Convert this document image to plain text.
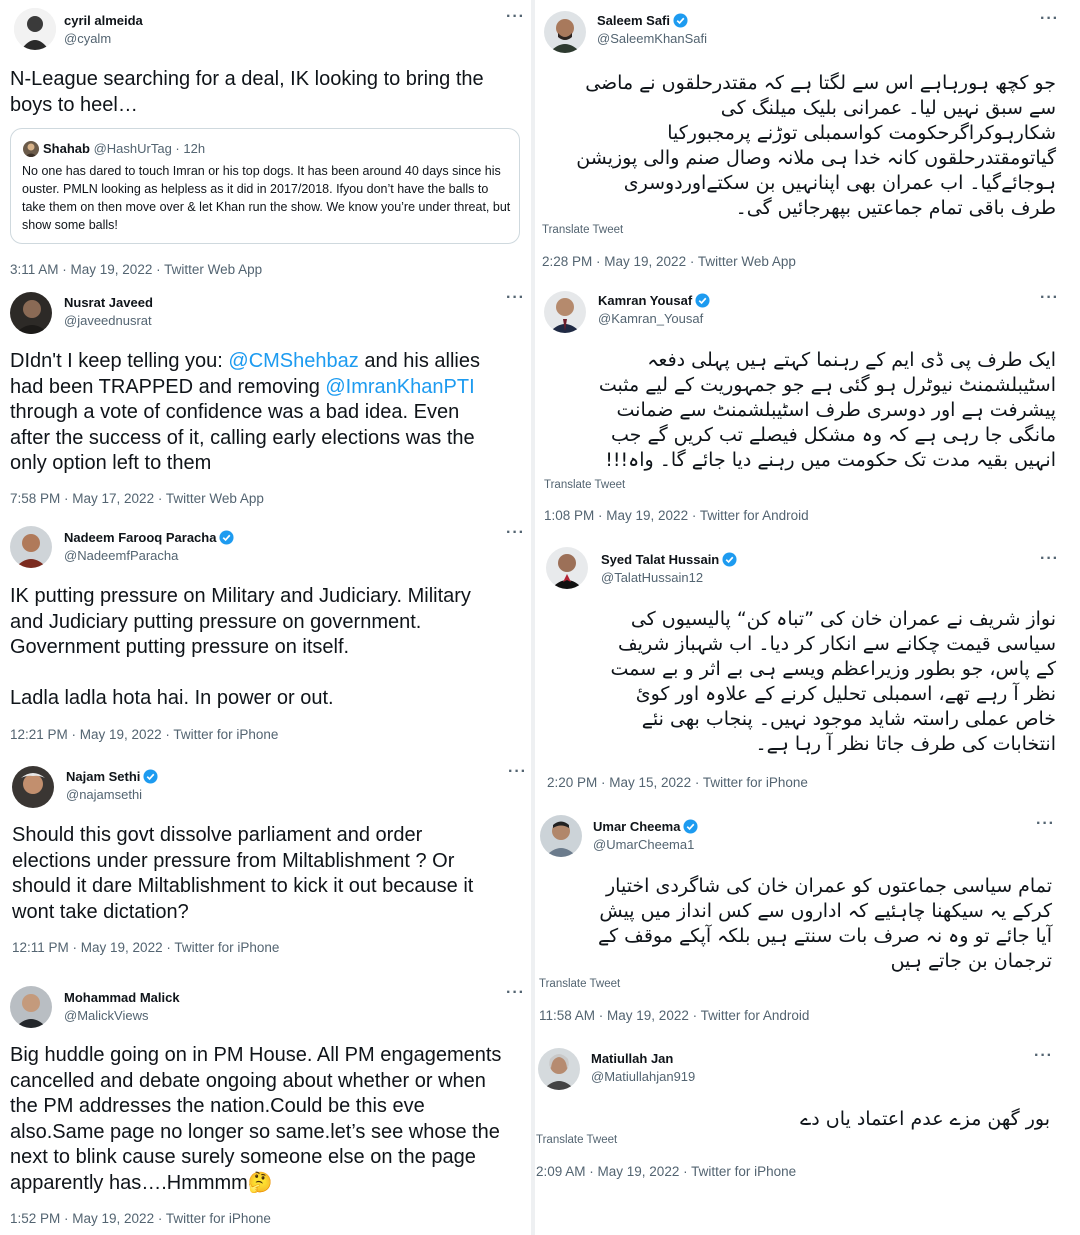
cyril almeida
@cyalm
···
N-League searching for a deal, IK looking to bring the
boys to heel…
Shahab @HashUrTag · 12h
No one has dared to touch Imran or his top dogs. It has been around 40 days since his ouster. PMLN looking as helpless as it did in 2017/2018. Ifyou don’t have the balls to take them on then move over & let Khan run the show. We know you’re under threat, but show some balls!
3:11 AM · May 19, 2022 · Twitter Web App
Nusrat Javeed
@javeednusrat
···
DIdn't I keep telling you: @CMShehbaz and his allies
had been TRAPPED and removing @ImranKhanPTI
through a vote of confidence was a bad idea. Even
after the success of it, calling early elections was the
only option left to them
7:58 PM · May 17, 2022 · Twitter Web App
Nadeem Farooq Paracha
@NadeemfParacha
···
IK putting pressure on Military and Judiciary. Military
and Judiciary putting pressure on government.
Government putting pressure on itself.

Ladla ladla hota hai. In power or out.
12:21 PM · May 19, 2022 · Twitter for iPhone
Najam Sethi
@najamsethi
···
Should this govt dissolve parliament and order
elections under pressure from Miltablishment ? Or
should it dare Miltablishment to kick it out because it
wont take dictation?
12:11 PM · May 19, 2022 · Twitter for iPhone
Mohammad Malick
@MalickViews
···
Big huddle going on in PM House. All PM engagements
cancelled and debate ongoing about whether or when
the PM addresses the nation.Could be this eve
also.Same page no longer so same.let’s see whose the
next to blink cause surely someone else on the page
apparently has….Hmmmm🤔
1:52 PM · May 19, 2022 · Twitter for iPhone
Saleem Safi
@SaleemKhanSafi
···
جو کچھ ہورہاہے اس سے لگتا ہے کہ مقتدرحلقوں نے ماضی
سے سبق نہیں لیا۔ عمرانی بلیک میلنگ کی
شکارہوکراگرحکومت کواسمبلی توڑنے پرمجبورکیا
گیاتومقتدرحلقوں کانہ خدا ہی ملانہ وصال صنم والی پوزیشن
ہوجائےگیا۔ اب عمران بھی اپنانہیں بن سکتےاوردوسری
طرف باقی تمام جماعتیں بپھرجائیں گی۔
Translate Tweet
2:28 PM · May 19, 2022 · Twitter Web App
Kamran Yousaf
@Kamran_Yousaf
···
ایک طرف پی ڈی ایم کے رہنما کہتے ہیں پہلی دفعہ
اسٹیبلشمنٹ نیوٹرل ہو گئی ہے جو جمہوریت کے لیے مثبت
پیشرفت ہے اور دوسری طرف اسٹیبلشمنٹ سے ضمانت
مانگی جا رہی ہے کہ وہ مشکل فیصلے تب کریں گے جب
انہیں بقیہ مدت تک حکومت میں رہنے دیا جائے گا۔ واہ!!!
Translate Tweet
1:08 PM · May 19, 2022 · Twitter for Android
Syed Talat Hussain
@TalatHussain12
···
نواز شریف نے عمران خان کی ”تباہ کن“ پالیسیوں کی
سیاسی قیمت چکانے سے انکار کر دیا۔ اب شہباز شریف
کے پاس، جو بطور وزیراعظم ویسے ہی بے اثر و بے سمت
نظر آ رہے تھے، اسمبلی تحلیل کرنے کے علاوہ اور کوئ
خاص عملی راستہ شاید موجود نہیں۔ پنجاب بھی نئے
انتخابات کی طرف جاتا نظر آ رہا ہے۔
2:20 PM · May 15, 2022 · Twitter for iPhone
Umar Cheema
@UmarCheema1
···
تمام سیاسی جماعتوں کو عمران خان کی شاگردی اختیار
کرکے یہ سیکھنا چاہئیے کہ اداروں سے کس انداز میں پیش
آیا جائے تو وہ نہ صرف بات سنتے ہیں بلکہ آپکے موقف کے
ترجمان بن جاتے ہیں
Translate Tweet
11:58 AM · May 19, 2022 · Twitter for Android
Matiullah Jan
@Matiullahjan919
···
بور گھن مزے عدم اعتماد یاں دے
Translate Tweet
2:09 AM · May 19, 2022 · Twitter for iPhone
